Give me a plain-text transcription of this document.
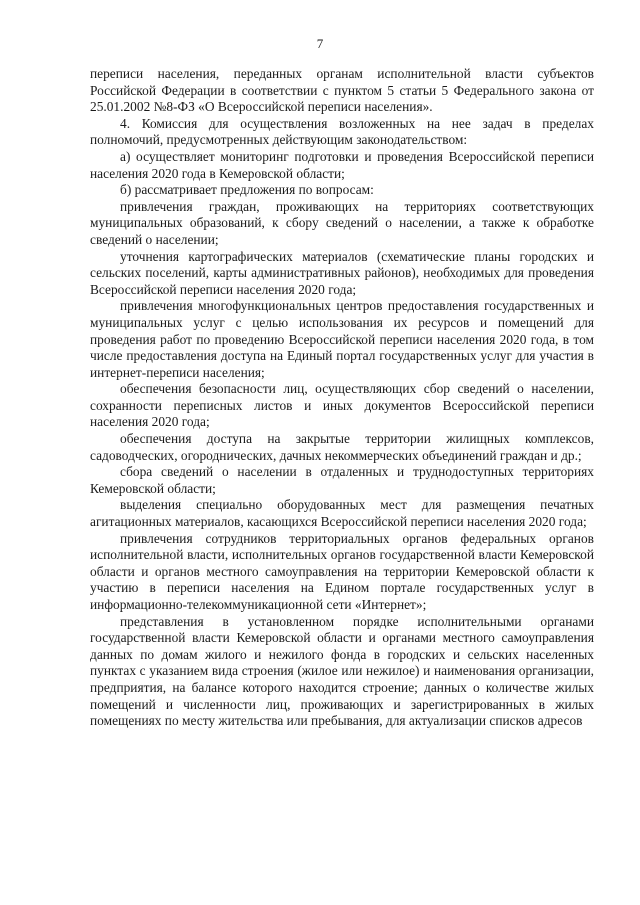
7

переписи населения, переданных органам исполнительной власти субъектов Российской Федерации в соответствии с пунктом 5 статьи 5 Федерального закона от 25.01.2002 №8-ФЗ «О Всероссийской переписи населения».

4. Комиссия для осуществления возложенных на нее задач в пределах полномочий, предусмотренных действующим законодательством:

а) осуществляет мониторинг подготовки и проведения Всероссийской переписи населения 2020 года в Кемеровской области;

б) рассматривает предложения по вопросам:

привлечения граждан, проживающих на территориях соответствующих муниципальных образований, к сбору сведений о населении, а также к обработке сведений о населении;

уточнения картографических материалов (схематические планы городских и сельских поселений, карты административных районов), необходимых для проведения Всероссийской переписи населения 2020 года;

привлечения многофункциональных центров предоставления государственных и муниципальных услуг с целью использования их ресурсов и помещений для проведения работ по проведению Всероссийской переписи населения 2020 года, в том числе предоставления доступа на Единый портал государственных услуг для участия в интернет-переписи населения;

обеспечения безопасности лиц, осуществляющих сбор сведений о населении, сохранности переписных листов и иных документов Всероссийской переписи населения 2020 года;

обеспечения доступа на закрытые территории жилищных комплексов, садоводческих, огороднических, дачных некоммерческих объединений граждан и др.;

сбора сведений о населении в отдаленных и труднодоступных территориях Кемеровской области;

выделения специально оборудованных мест для размещения печатных агитационных материалов, касающихся Всероссийской переписи населения 2020 года;

привлечения сотрудников территориальных органов федеральных органов исполнительной власти, исполнительных органов государственной власти Кемеровской области и органов местного самоуправления на территории Кемеровской области к участию в переписи населения на Едином портале государственных услуг в информационно-телекоммуникационной сети «Интернет»;

представления в установленном порядке исполнительными органами государственной власти Кемеровской области и органами местного самоуправления данных по домам жилого и нежилого фонда в городских и сельских населенных пунктах с указанием вида строения (жилое или нежилое) и наименования организации, предприятия, на балансе которого находится строение; данных о количестве жилых помещений и численности лиц, проживающих и зарегистрированных в жилых помещениях по месту жительства или пребывания, для актуализации списков адресов
